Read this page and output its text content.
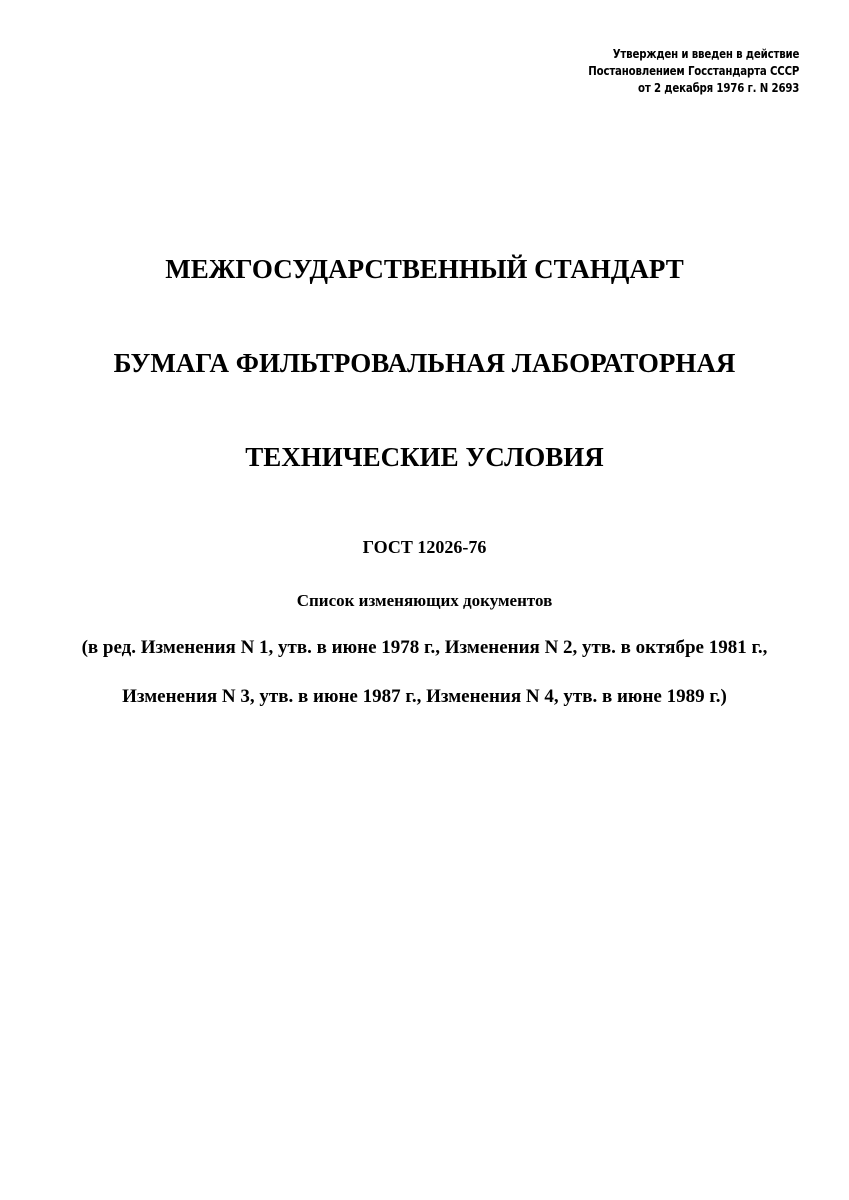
Утвержден и введен в действие
Постановлением Госстандарта СССР
от 2 декабря 1976 г. N 2693
МЕЖГОСУДАРСТВЕННЫЙ СТАНДАРТ
БУМАГА ФИЛЬТРОВАЛЬНАЯ ЛАБОРАТОРНАЯ
ТЕХНИЧЕСКИЕ УСЛОВИЯ
ГОСТ 12026-76
Список изменяющих документов
(в ред. Изменения N 1, утв. в июне 1978 г., Изменения N 2, утв. в октябре 1981 г.,
Изменения N 3, утв. в июне 1987 г., Изменения N 4, утв. в июне 1989 г.)
